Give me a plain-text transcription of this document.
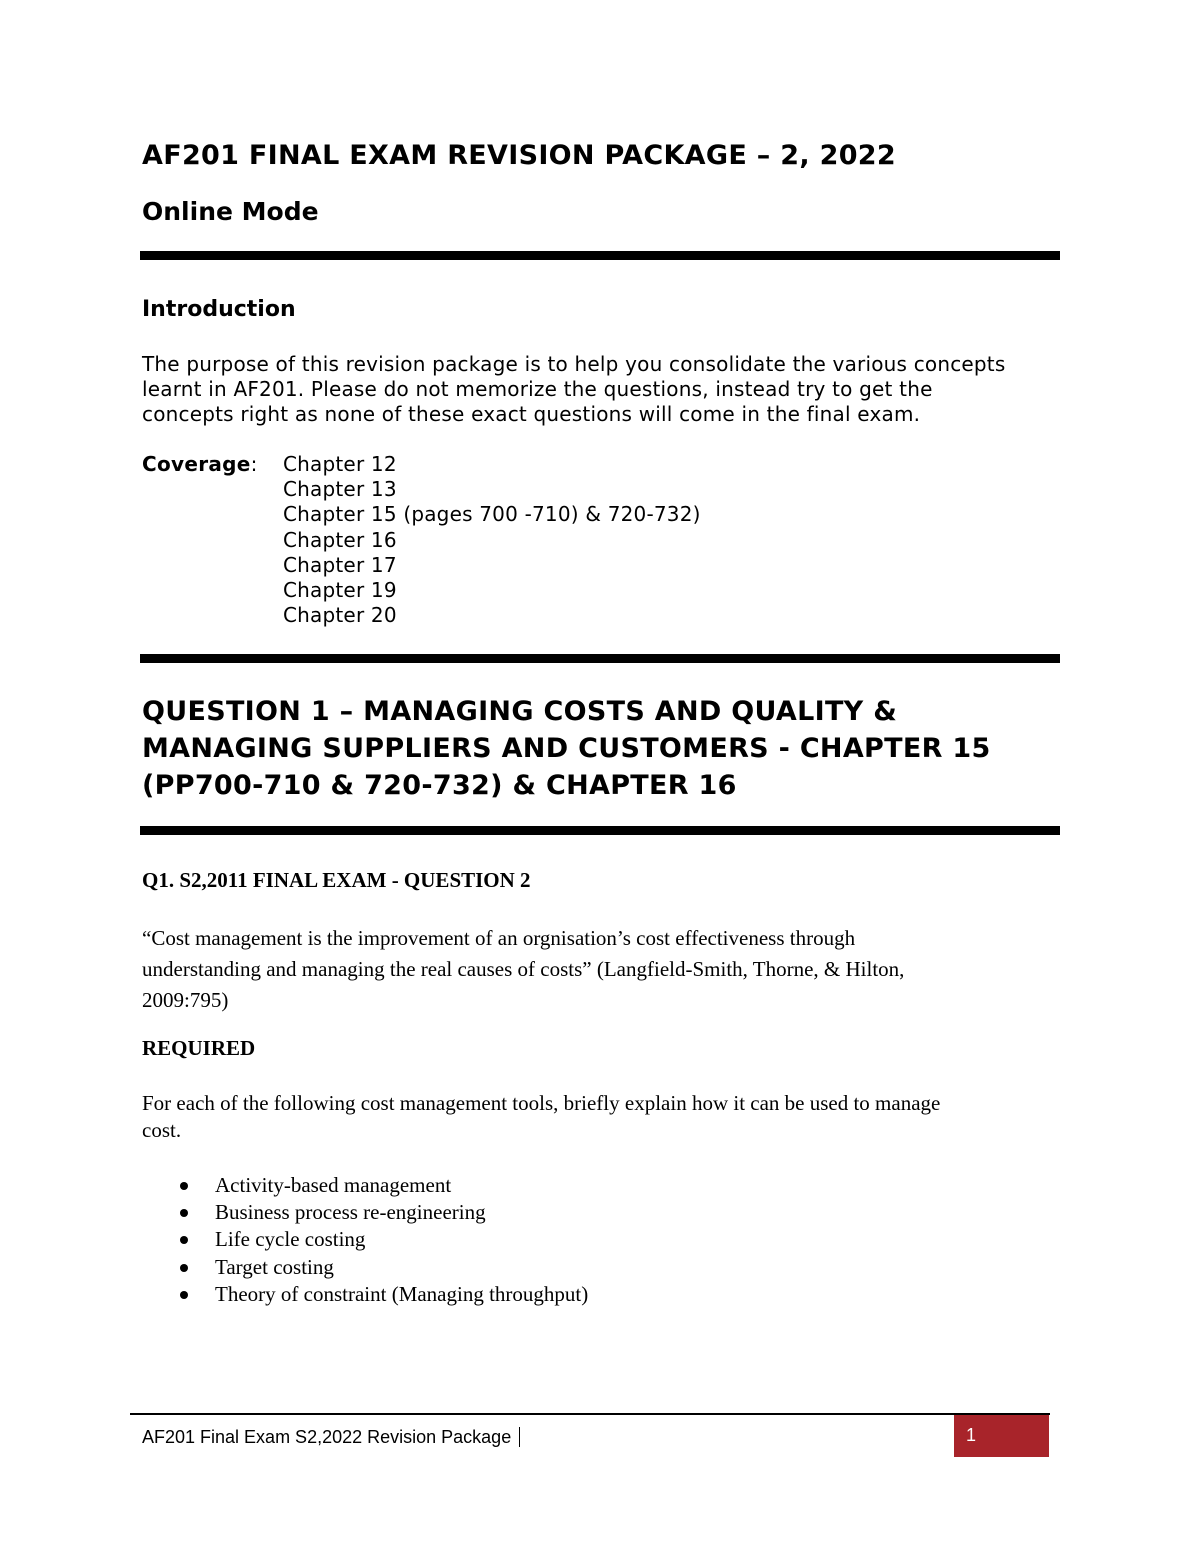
AF201 FINAL EXAM REVISION PACKAGE – 2, 2022
Online Mode
Introduction

The purpose of this revision package is to help you consolidate the various concepts

learnt in AF201. Please do not memorize the questions, instead try to get the

concepts right as none of these exact questions will come in the final exam.

Coverage: Chapter 12
Chapter 13
Chapter 15 (pages 700 -710) & 720-732)
Chapter 16
Chapter 17
Chapter 19
Chapter 20

QUESTION 1 – MANAGING COSTS AND QUALITY &

MANAGING SUPPLIERS AND CUSTOMERS - CHAPTER 15

(PP700-710 & 720-732) & CHAPTER 16

Q1. S2,2011 FINAL EXAM - QUESTION 2

“Cost management is the improvement of an orgnisation’s cost effectiveness through

understanding and managing the real causes of costs” (Langfield-Smith, Thorne, & Hilton,

2009:795)

REQUIRED

For each of the following cost management tools, briefly explain how it can be used to manage

cost.

Activity-based management
Business process re-engineering
Life cycle costing
Target costing
Theory of constraint (Managing throughput)
AF201 Final Exam S2,2022 Revision Package	1
